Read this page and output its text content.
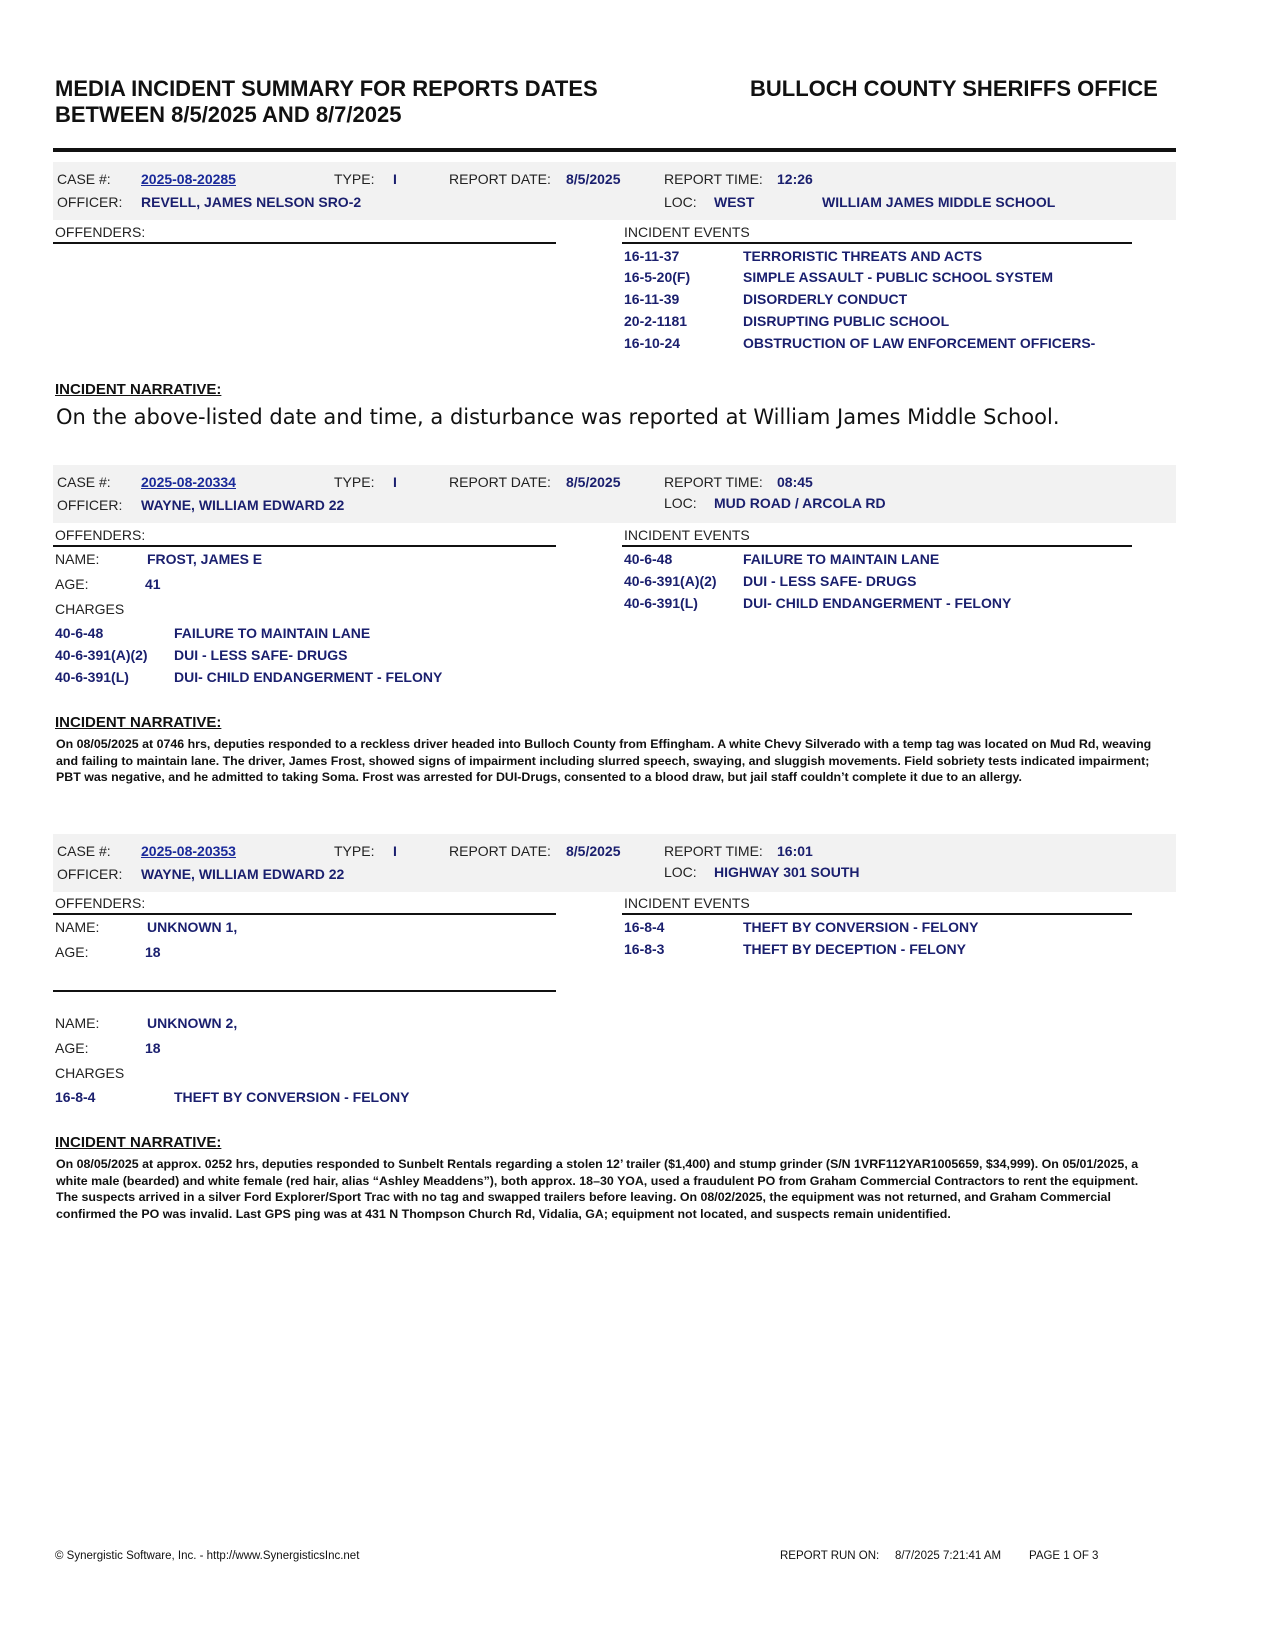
MEDIA INCIDENT SUMMARY FOR REPORTS DATES
BETWEEN 8/5/2025 AND 8/7/2025
BULLOCH COUNTY SHERIFFS OFFICE
CASE #: 2025-08-20285	TYPE: I	REPORT DATE: 8/5/2025	REPORT TIME: 12:26
OFFICER: REVELL, JAMES NELSON SRO-2	LOC: WEST	WILLIAM JAMES MIDDLE SCHOOL
OFFENDERS:	INCIDENT EVENTS
16-11-37	TERRORISTIC THREATS AND ACTS
16-5-20(F)	SIMPLE ASSAULT - PUBLIC SCHOOL SYSTEM
16-11-39	DISORDERLY CONDUCT
20-2-1181	DISRUPTING PUBLIC SCHOOL
16-10-24	OBSTRUCTION OF LAW ENFORCEMENT OFFICERS-
INCIDENT NARRATIVE:
On the above-listed date and time, a disturbance was reported at William James Middle School.
CASE #: 2025-08-20334	TYPE: I	REPORT DATE: 8/5/2025	REPORT TIME: 08:45
OFFICER: WAYNE, WILLIAM EDWARD 22	LOC: MUD ROAD / ARCOLA RD
OFFENDERS:	INCIDENT EVENTS
NAME:	FROST, JAMES E
AGE:	41
CHARGES
40-6-48	FAILURE TO MAINTAIN LANE
40-6-391(A)(2) DUI - LESS SAFE- DRUGS
40-6-391(L)	DUI- CHILD ENDANGERMENT - FELONY
40-6-48	FAILURE TO MAINTAIN LANE
40-6-391(A)(2) DUI - LESS SAFE- DRUGS
40-6-391(L)	DUI- CHILD ENDANGERMENT - FELONY
INCIDENT NARRATIVE:
On 08/05/2025 at 0746 hrs, deputies responded to a reckless driver headed into Bulloch County from Effingham. A white Chevy Silverado with a temp tag was located on Mud Rd, weaving and failing to maintain lane. The driver, James Frost, showed signs of impairment including slurred speech, swaying, and sluggish movements. Field sobriety tests indicated impairment; PBT was negative, and he admitted to taking Soma. Frost was arrested for DUI-Drugs, consented to a blood draw, but jail staff couldn’t complete it due to an allergy.
CASE #: 2025-08-20353	TYPE: I	REPORT DATE: 8/5/2025	REPORT TIME: 16:01
OFFICER: WAYNE, WILLIAM EDWARD 22	LOC: HIGHWAY 301 SOUTH
OFFENDERS:	INCIDENT EVENTS
NAME:	UNKNOWN 1,
AGE:	18
NAME:	UNKNOWN 2,
AGE:	18
CHARGES
16-8-4	THEFT BY CONVERSION - FELONY
16-8-4	THEFT BY CONVERSION - FELONY
16-8-3	THEFT BY DECEPTION - FELONY
INCIDENT NARRATIVE:
On 08/05/2025 at approx. 0252 hrs, deputies responded to Sunbelt Rentals regarding a stolen 12’ trailer ($1,400) and stump grinder (S/N 1VRF112YAR1005659, $34,999). On 05/01/2025, a white male (bearded) and white female (red hair, alias “Ashley Meaddens”), both approx. 18–30 YOA, used a fraudulent PO from Graham Commercial Contractors to rent the equipment. The suspects arrived in a silver Ford Explorer/Sport Trac with no tag and swapped trailers before leaving. On 08/02/2025, the equipment was not returned, and Graham Commercial confirmed the PO was invalid. Last GPS ping was at 431 N Thompson Church Rd, Vidalia, GA; equipment not located, and suspects remain unidentified.
© Synergistic Software, Inc. - http://www.SynergisticsInc.net	REPORT RUN ON: 8/7/2025 7:21:41 AM PAGE 1 OF 3
